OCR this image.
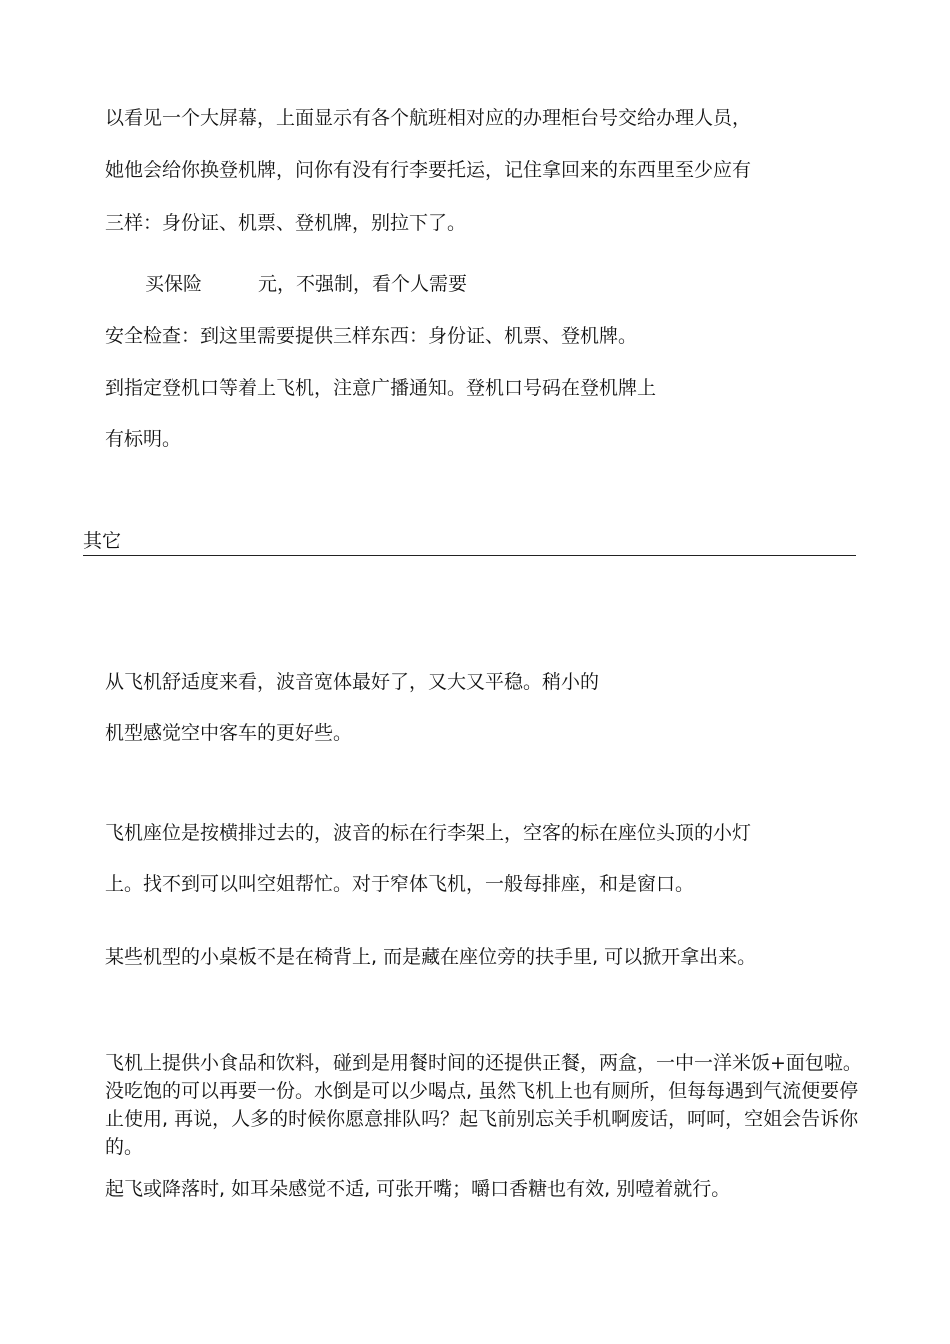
以看见一个大屏幕，上面显示有各个航班相对应的办理柜台号交给办理人员，
她他会给你换登机牌，问你有没有行李要托运，记住拿回来的东西里至少应有
三样：身份证、机票、登机牌，别拉下了。
买保险	元，不强制，看个人需要
安全检查：到这里需要提供三样东西：身份证、机票、登机牌。
到指定登机口等着上飞机，注意广播通知。登机口号码在登机牌上
有标明。
其它
从飞机舒适度来看，波音宽体最好了，又大又平稳。稍小的
机型感觉空中客车的更好些。
飞机座位是按横排过去的，波音的标在行李架上，空客的标在座位头顶的小灯
上。找不到可以叫空姐帮忙。对于窄体飞机，一般每排座，和是窗口。
某些机型的小桌板不是在椅背上, 而是藏在座位旁的扶手里, 可以掀开拿出来。
飞机上提供小食品和饮料，碰到是用餐时间的还提供正餐，两盒，一中一洋米饭+面包啦。没吃饱的可以再要一份。水倒是可以少喝点, 虽然飞机上也有厕所，但每每遇到气流便要停止使用, 再说，人多的时候你愿意排队吗？起飞前别忘关手机啊废话，呵呵，空姐会告诉你的。
起飞或降落时, 如耳朵感觉不适, 可张开嘴；嚼口香糖也有效, 别噎着就行。
